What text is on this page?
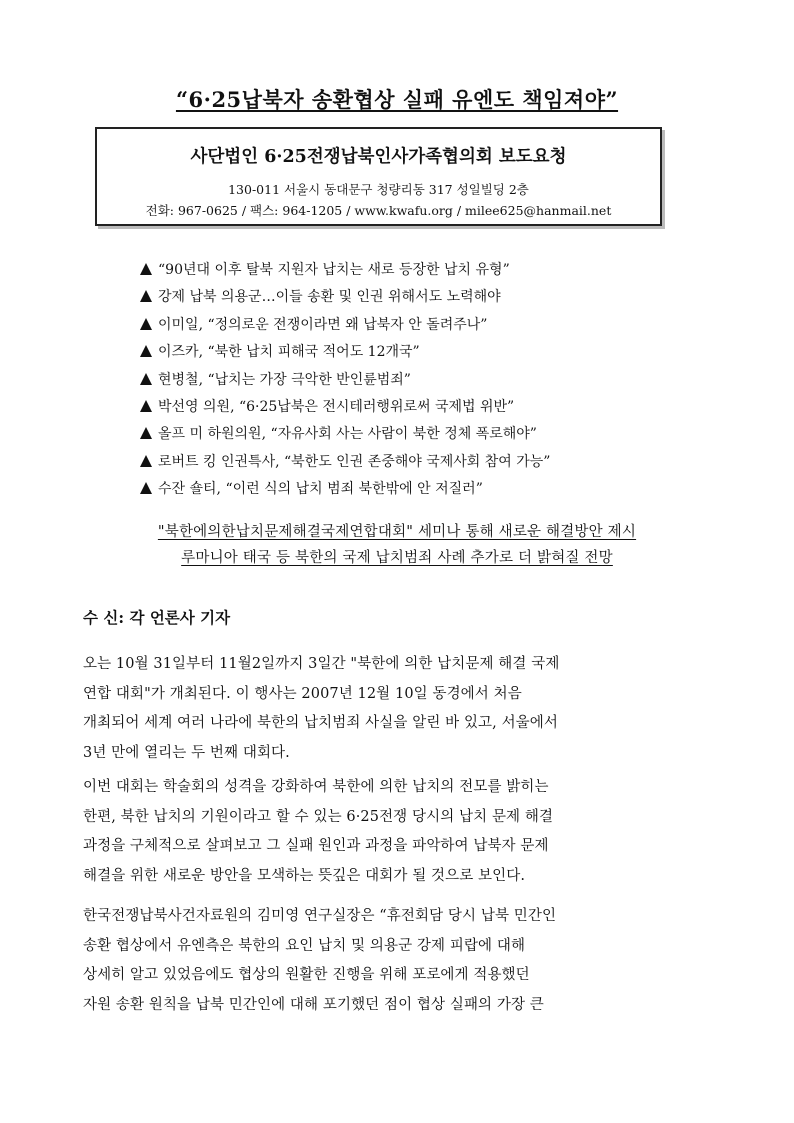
“6·25납북자 송환협상 실패 유엔도 책임져야”
사단법인 6·25전쟁납북인사가족협의회 보도요청
130-011 서울시 동대문구 청량리동 317 성일빌딩 2층
전화: 967-0625 / 팩스: 964-1205 / www.kwafu.org / milee625@hanmail.net
“90년대 이후 탈북 지원자 납치는 새로 등장한 납치 유형”
강제 납북 의용군…이들 송환 및 인권 위해서도 노력해야
이미일, “정의로운 전쟁이라면 왜 납북자 안 돌려주나”
이즈카, “북한 납치 피해국 적어도 12개국”
현병철, “납치는 가장 극악한 반인륜범죄”
박선영 의원, “6·25납북은 전시테러행위로써 국제법 위반”
올프 미 하원의원, “자유사회 사는 사람이 북한 정체 폭로해야”
로버트 킹 인권특사, “북한도 인권 존중해야 국제사회 참여 가능”
수잔 숄티, “이런 식의 납치 범죄 북한밖에 안 저질러”
"북한에의한납치문제해결국제연합대회" 세미나 통해 새로운 해결방안 제시
루마니아 태국 등 북한의 국제 납치범죄 사례 추가로 더 밝혀질 전망
수 신: 각 언론사 기자
오는 10월 31일부터 11월2일까지 3일간 "북한에 의한 납치문제 해결 국제
연합 대회"가 개최된다. 이 행사는 2007년 12월 10일 동경에서 처음
개최되어 세계 여러 나라에 북한의 납치범죄 사실을 알린 바 있고, 서울에서
3년 만에 열리는 두 번째 대회다.
이번 대회는 학술회의 성격을 강화하여 북한에 의한 납치의 전모를 밝히는
한편, 북한 납치의 기원이라고 할 수 있는 6·25전쟁 당시의 납치 문제 해결
과정을 구체적으로 살펴보고 그 실패 원인과 과정을 파악하여 납북자 문제
해결을 위한 새로운 방안을 모색하는 뜻깊은 대회가 될 것으로 보인다.
한국전쟁납북사건자료원의 김미영 연구실장은 “휴전회담 당시 납북 민간인
송환 협상에서 유엔측은 북한의 요인 납치 및 의용군 강제 피랍에 대해
상세히 알고 있었음에도 협상의 원활한 진행을 위해 포로에게 적용했던
자원 송환 원칙을 납북 민간인에 대해 포기했던 점이 협상 실패의 가장 큰
